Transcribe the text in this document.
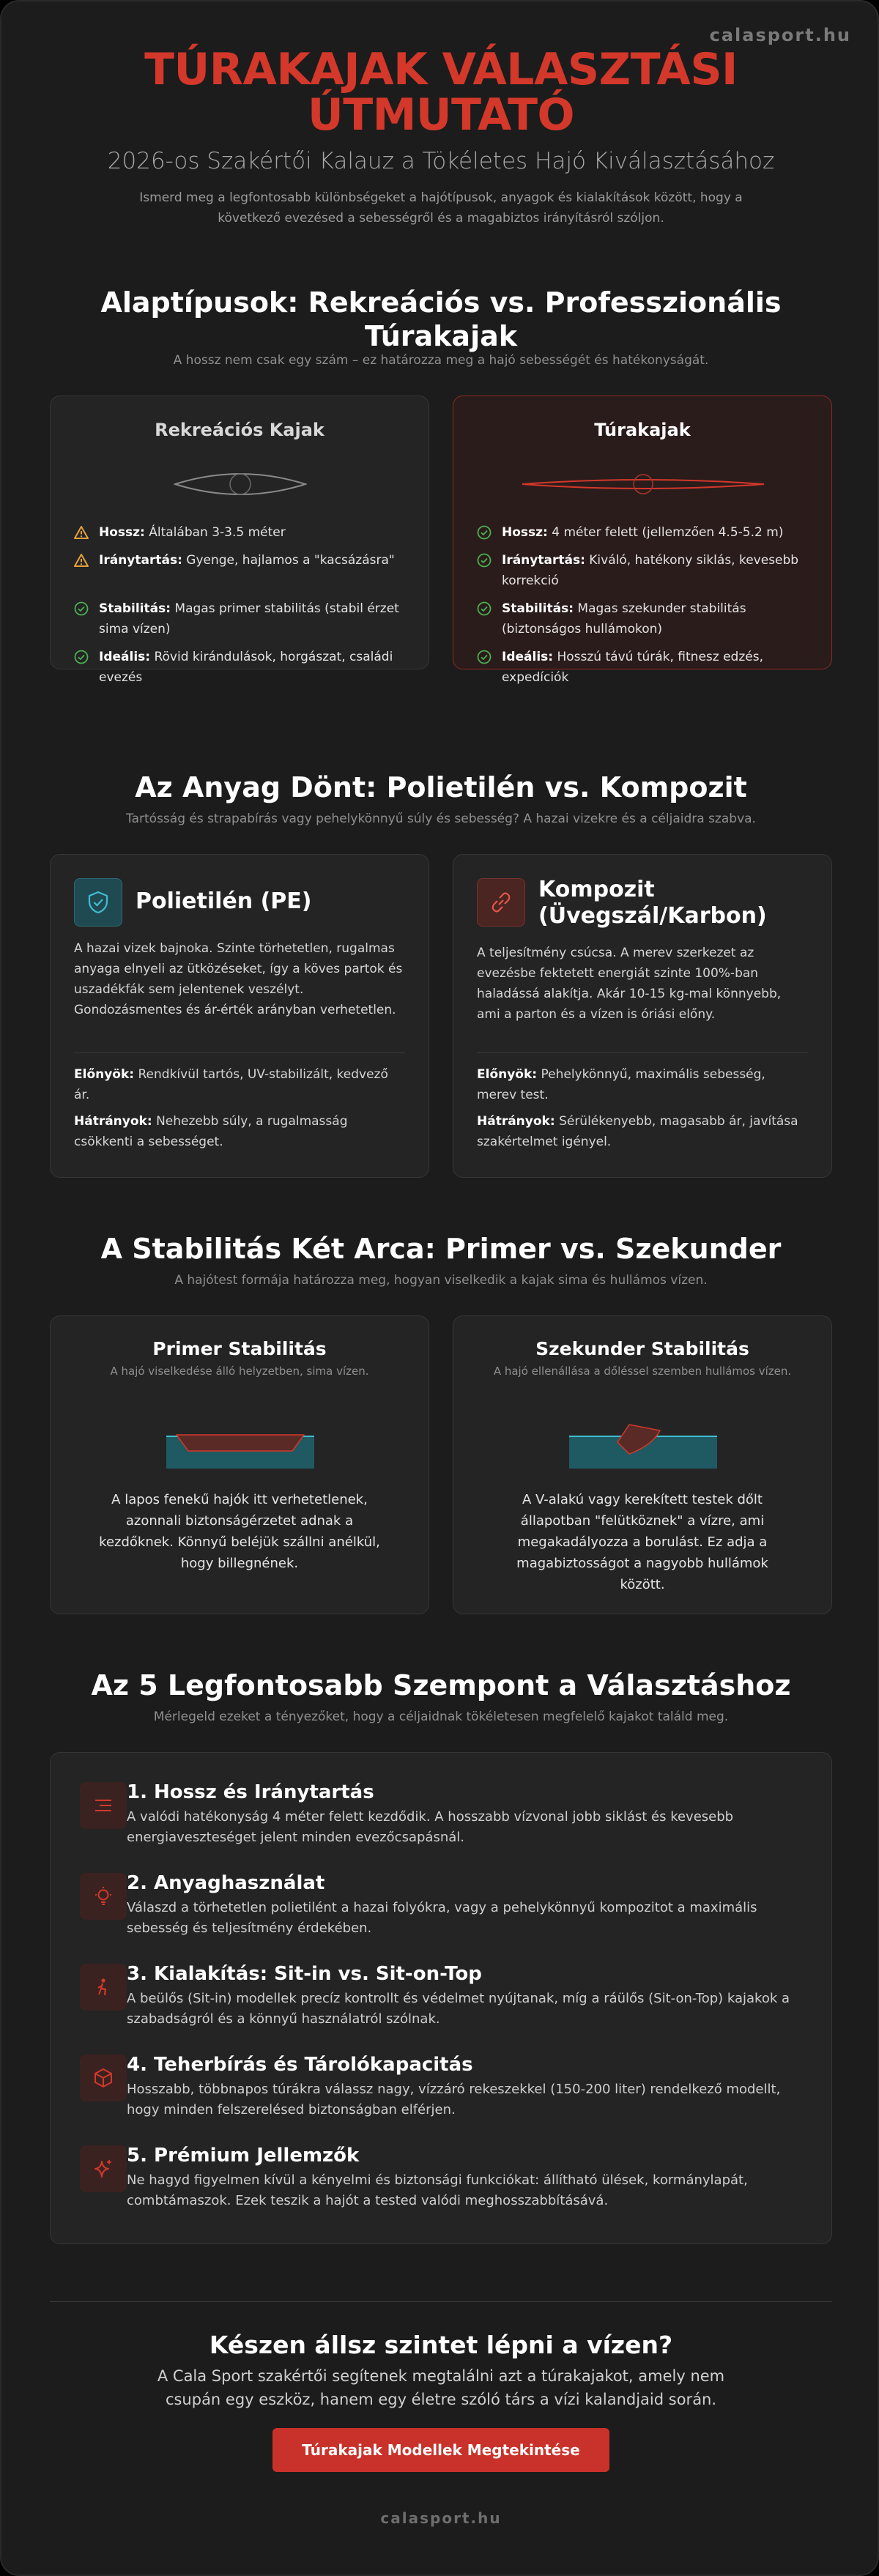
calasport.hu
TÚRAKAJAK VÁLASZTÁSI ÚTMUTATÓ
2026-os Szakértői Kalauz a Tökéletes Hajó Kiválasztásához
Ismerd meg a legfontosabb különbségeket a hajótípusok, anyagok és kialakítások között, hogy a következő evezésed a sebességről és a magabiztos irányításról szóljon.
Alaptípusok: Rekreációs vs. Professzionális Túrakajak
A hossz nem csak egy szám – ez határozza meg a hajó sebességét és hatékonyságát.
Rekreációs Kajak
Hossz: Általában 3-3.5 méter
Iránytartás: Gyenge, hajlamos a "kacsázásra"
Stabilitás: Magas primer stabilitás (stabil érzet sima vízen)
Ideális: Rövid kirándulások, horgászat, családi evezés
Túrakajak
Hossz: 4 méter felett (jellemzően 4.5-5.2 m)
Iránytartás: Kiváló, hatékony siklás, kevesebb korrekció
Stabilitás: Magas szekunder stabilitás (biztonságos hullámokon)
Ideális: Hosszú távú túrák, fitnesz edzés, expedíciók
Az Anyag Dönt: Polietilén vs. Kompozit
Tartósság és strapabírás vagy pehelykönnyű súly és sebesség? A hazai vizekre és a céljaidra szabva.
Polietilén (PE)
A hazai vizek bajnoka. Szinte törhetetlen, rugalmas anyaga elnyeli az ütközéseket, így a köves partok és uszadékfák sem jelentenek veszélyt. Gondozásmentes és ár-érték arányban verhetetlen.
Előnyök: Rendkívül tartós, UV-stabilizált, kedvező ár.
Hátrányok: Nehezebb súly, a rugalmasság csökkenti a sebességet.
Kompozit (Üvegszál/Karbon)
A teljesítmény csúcsa. A merev szerkezet az evezésbe fektetett energiát szinte 100%-ban haladássá alakítja. Akár 10-15 kg-mal könnyebb, ami a parton és a vízen is óriási előny.
Előnyök: Pehelykönnyű, maximális sebesség, merev test.
Hátrányok: Sérülékenyebb, magasabb ár, javítása szakértelmet igényel.
A Stabilitás Két Arca: Primer vs. Szekunder
A hajótest formája határozza meg, hogyan viselkedik a kajak sima és hullámos vízen.
Primer Stabilitás
A hajó viselkedése álló helyzetben, sima vízen.
A lapos fenekű hajók itt verhetetlenek, azonnali biztonságérzetet adnak a kezdőknek. Könnyű beléjük szállni anélkül, hogy billegnének.
Szekunder Stabilitás
A hajó ellenállása a dőléssel szemben hullámos vízen.
A V-alakú vagy kerekített testek dőlt állapotban "felütköznek" a vízre, ami megakadályozza a borulást. Ez adja a magabiztosságot a nagyobb hullámok között.
Az 5 Legfontosabb Szempont a Választáshoz
Mérlegeld ezeket a tényezőket, hogy a céljaidnak tökéletesen megfelelő kajakot találd meg.
1. Hossz és Iránytartás
A valódi hatékonyság 4 méter felett kezdődik. A hosszabb vízvonal jobb siklást és kevesebb energiaveszteséget jelent minden evezőcsapásnál.
2. Anyaghasználat
Válaszd a törhetetlen polietilént a hazai folyókra, vagy a pehelykönnyű kompozitot a maximális sebesség és teljesítmény érdekében.
3. Kialakítás: Sit-in vs. Sit-on-Top
A beülős (Sit-in) modellek precíz kontrollt és védelmet nyújtanak, míg a ráülős (Sit-on-Top) kajakok a szabadságról és a könnyű használatról szólnak.
4. Teherbírás és Tárolókapacitás
Hosszabb, többnapos túrákra válassz nagy, vízzáró rekeszekkel (150-200 liter) rendelkező modellt, hogy minden felszerelésed biztonságban elférjen.
5. Prémium Jellemzők
Ne hagyd figyelmen kívül a kényelmi és biztonsági funkciókat: állítható ülések, kormánylapát, combtámaszok. Ezek teszik a hajót a tested valódi meghosszabbításává.
Készen állsz szintet lépni a vízen?
A Cala Sport szakértői segítenek megtalálni azt a túrakajakot, amely nem csupán egy eszköz, hanem egy életre szóló társ a vízi kalandjaid során.
Túrakajak Modellek Megtekintése
calasport.hu
